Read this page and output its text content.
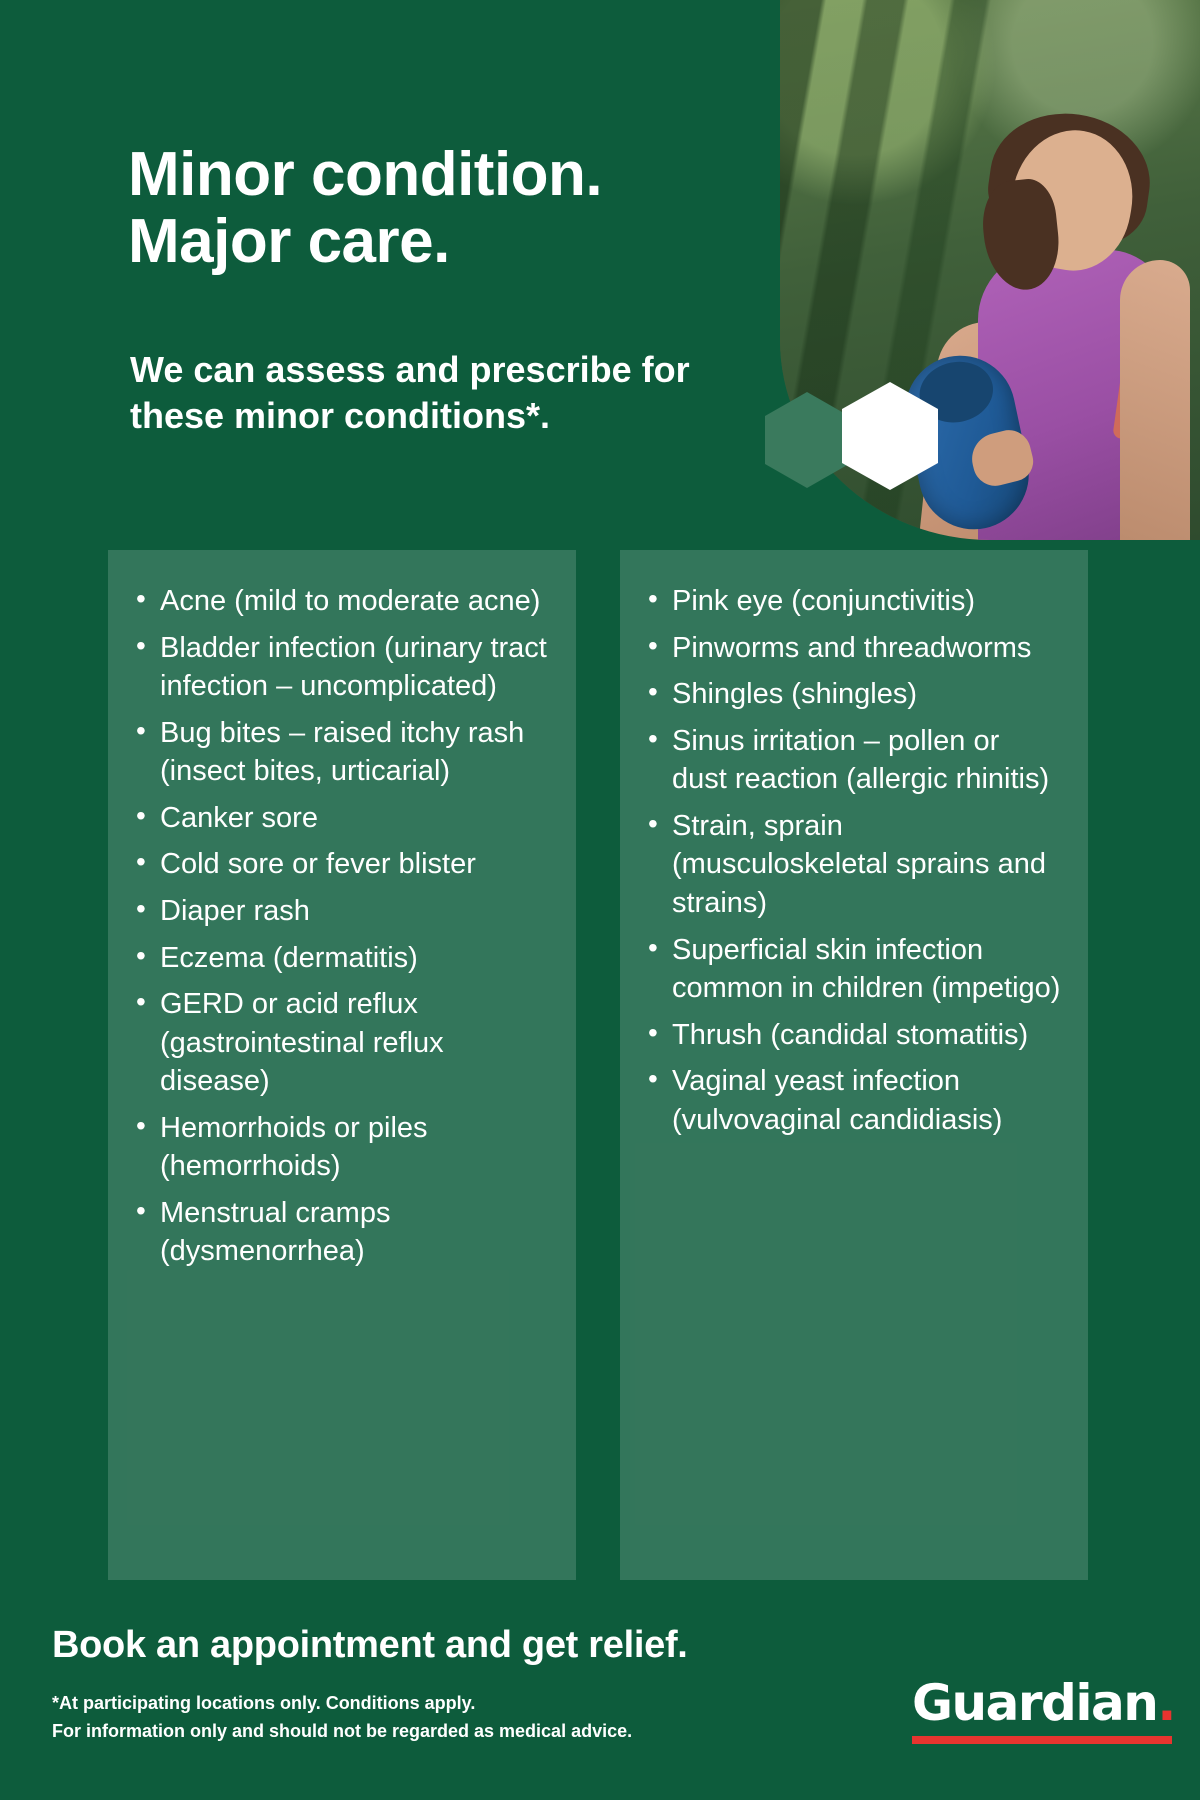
Minor condition.
Major care.
We can assess and prescribe for these minor conditions*.
• Acne (mild to moderate acne)
• Bladder infection (urinary tract infection – uncomplicated)
• Bug bites – raised itchy rash (insect bites, urticarial)
• Canker sore
• Cold sore or fever blister
• Diaper rash
• Eczema (dermatitis)
• GERD or acid reflux (gastrointestinal reflux disease)
• Hemorrhoids or piles (hemorrhoids)
• Menstrual cramps (dysmenorrhea)
• Pink eye (conjunctivitis)
• Pinworms and threadworms
• Shingles (shingles)
• Sinus irritation – pollen or dust reaction (allergic rhinitis)
• Strain, sprain (musculoskeletal sprains and strains)
• Superficial skin infection common in children (impetigo)
• Thrush (candidal stomatitis)
• Vaginal yeast infection (vulvovaginal candidiasis)
Book an appointment and get relief.
*At participating locations only. Conditions apply.
For information only and should not be regarded as medical advice.	Guardian.
